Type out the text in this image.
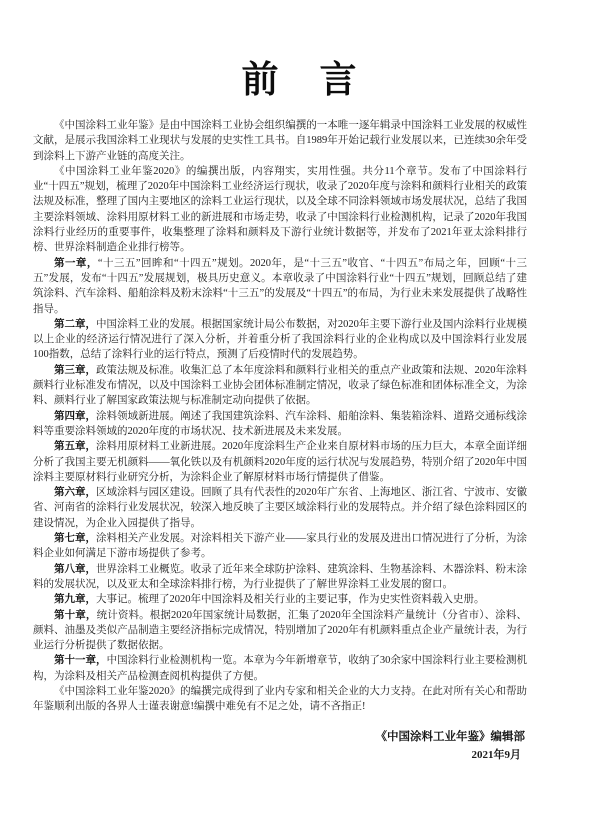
前　言

《中国涂料工业年鉴》是由中国涂料工业协会组织编撰的一本唯一逐年辑录中国涂料工业发展的权威性文献，是展示我国涂料工业现状与发展的史实性工具书。自1989年开始记载行业发展以来，已连续30余年受到涂料上下游产业链的高度关注。

《中国涂料工业年鉴2020》的编撰出版，内容翔实，实用性强。共分11个章节。发布了中国涂料行业“十四五”规划，梳理了2020年中国涂料工业经济运行现状，收录了2020年度与涂料和颜料行业相关的政策法规及标准，整理了国内主要地区的涂料工业运行现状，以及全球不同涂料领域市场发展状况，总结了我国主要涂料领域、涂料用原材料工业的新进展和市场走势，收录了中国涂料行业检测机构，记录了2020年我国涂料行业经历的重要事件，收集整理了涂料和颜料及下游行业统计数据等，并发布了2021年亚太涂料排行榜、世界涂料制造企业排行榜等。

第一章，“十三五”回眸和“十四五”规划。2020年，是“十三五”收官、“十四五”布局之年，回顾“十三五”发展，发布“十四五”发展规划，极具历史意义。本章收录了中国涂料行业“十四五”规划，回顾总结了建筑涂料、汽车涂料、船舶涂料及粉末涂料“十三五”的发展及“十四五”的布局，为行业未来发展提供了战略性指导。

第二章，中国涂料工业的发展。根据国家统计局公布数据，对2020年主要下游行业及国内涂料行业规模以上企业的经济运行情况进行了深入分析，并着重分析了我国涂料行业的企业构成以及中国涂料行业发展100指数，总结了涂料行业的运行特点，预测了后疫情时代的发展趋势。

第三章，政策法规及标准。收集汇总了本年度涂料和颜料行业相关的重点产业政策和法规、2020年涂料颜料行业标准发布情况，以及中国涂料工业协会团体标准制定情况，收录了绿色标准和团体标准全文，为涂料、颜料行业了解国家政策法规与标准制定动向提供了依据。

第四章，涂料领域新进展。阐述了我国建筑涂料、汽车涂料、船舶涂料、集装箱涂料、道路交通标线涂料等重要涂料领域的2020年度的市场状况、技术新进展及未来发展。

第五章，涂料用原材料工业新进展。2020年度涂料生产企业来自原材料市场的压力巨大，本章全面详细分析了我国主要无机颜料——氧化铁以及有机颜料2020年度的运行状况与发展趋势，特别介绍了2020年中国涂料主要原材料行业研究分析，为涂料企业了解原材料市场行情提供了借鉴。

第六章，区域涂料与园区建设。回顾了具有代表性的2020年广东省、上海地区、浙江省、宁波市、安徽省、河南省的涂料行业发展状况，较深入地反映了主要区域涂料行业的发展特点。并介绍了绿色涂料园区的建设情况，为企业入园提供了指导。

第七章，涂料相关产业发展。对涂料相关下游产业——家具行业的发展及进出口情况进行了分析，为涂料企业如何满足下游市场提供了参考。

第八章，世界涂料工业概览。收录了近年来全球防护涂料、建筑涂料、生物基涂料、木器涂料、粉末涂料的发展状况，以及亚太和全球涂料排行榜，为行业提供了了解世界涂料工业发展的窗口。

第九章，大事记。梳理了2020年中国涂料及相关行业的主要记事，作为史实性资料载入史册。

第十章，统计资料。根据2020年国家统计局数据，汇集了2020年全国涂料产量统计（分省市）、涂料、颜料、油墨及类似产品制造主要经济指标完成情况，特别增加了2020年有机颜料重点企业产量统计表，为行业运行分析提供了数据依据。

第十一章，中国涂料行业检测机构一览。本章为今年新增章节，收纳了30余家中国涂料行业主要检测机构，为涂料及相关产品检测查阅机构提供了方便。

《中国涂料工业年鉴2020》的编撰完成得到了业内专家和相关企业的大力支持。在此对所有关心和帮助年鉴顺利出版的各界人士谨表谢意!编撰中难免有不足之处，请不吝指正!

《中国涂料工业年鉴》编辑部
2021年9月
